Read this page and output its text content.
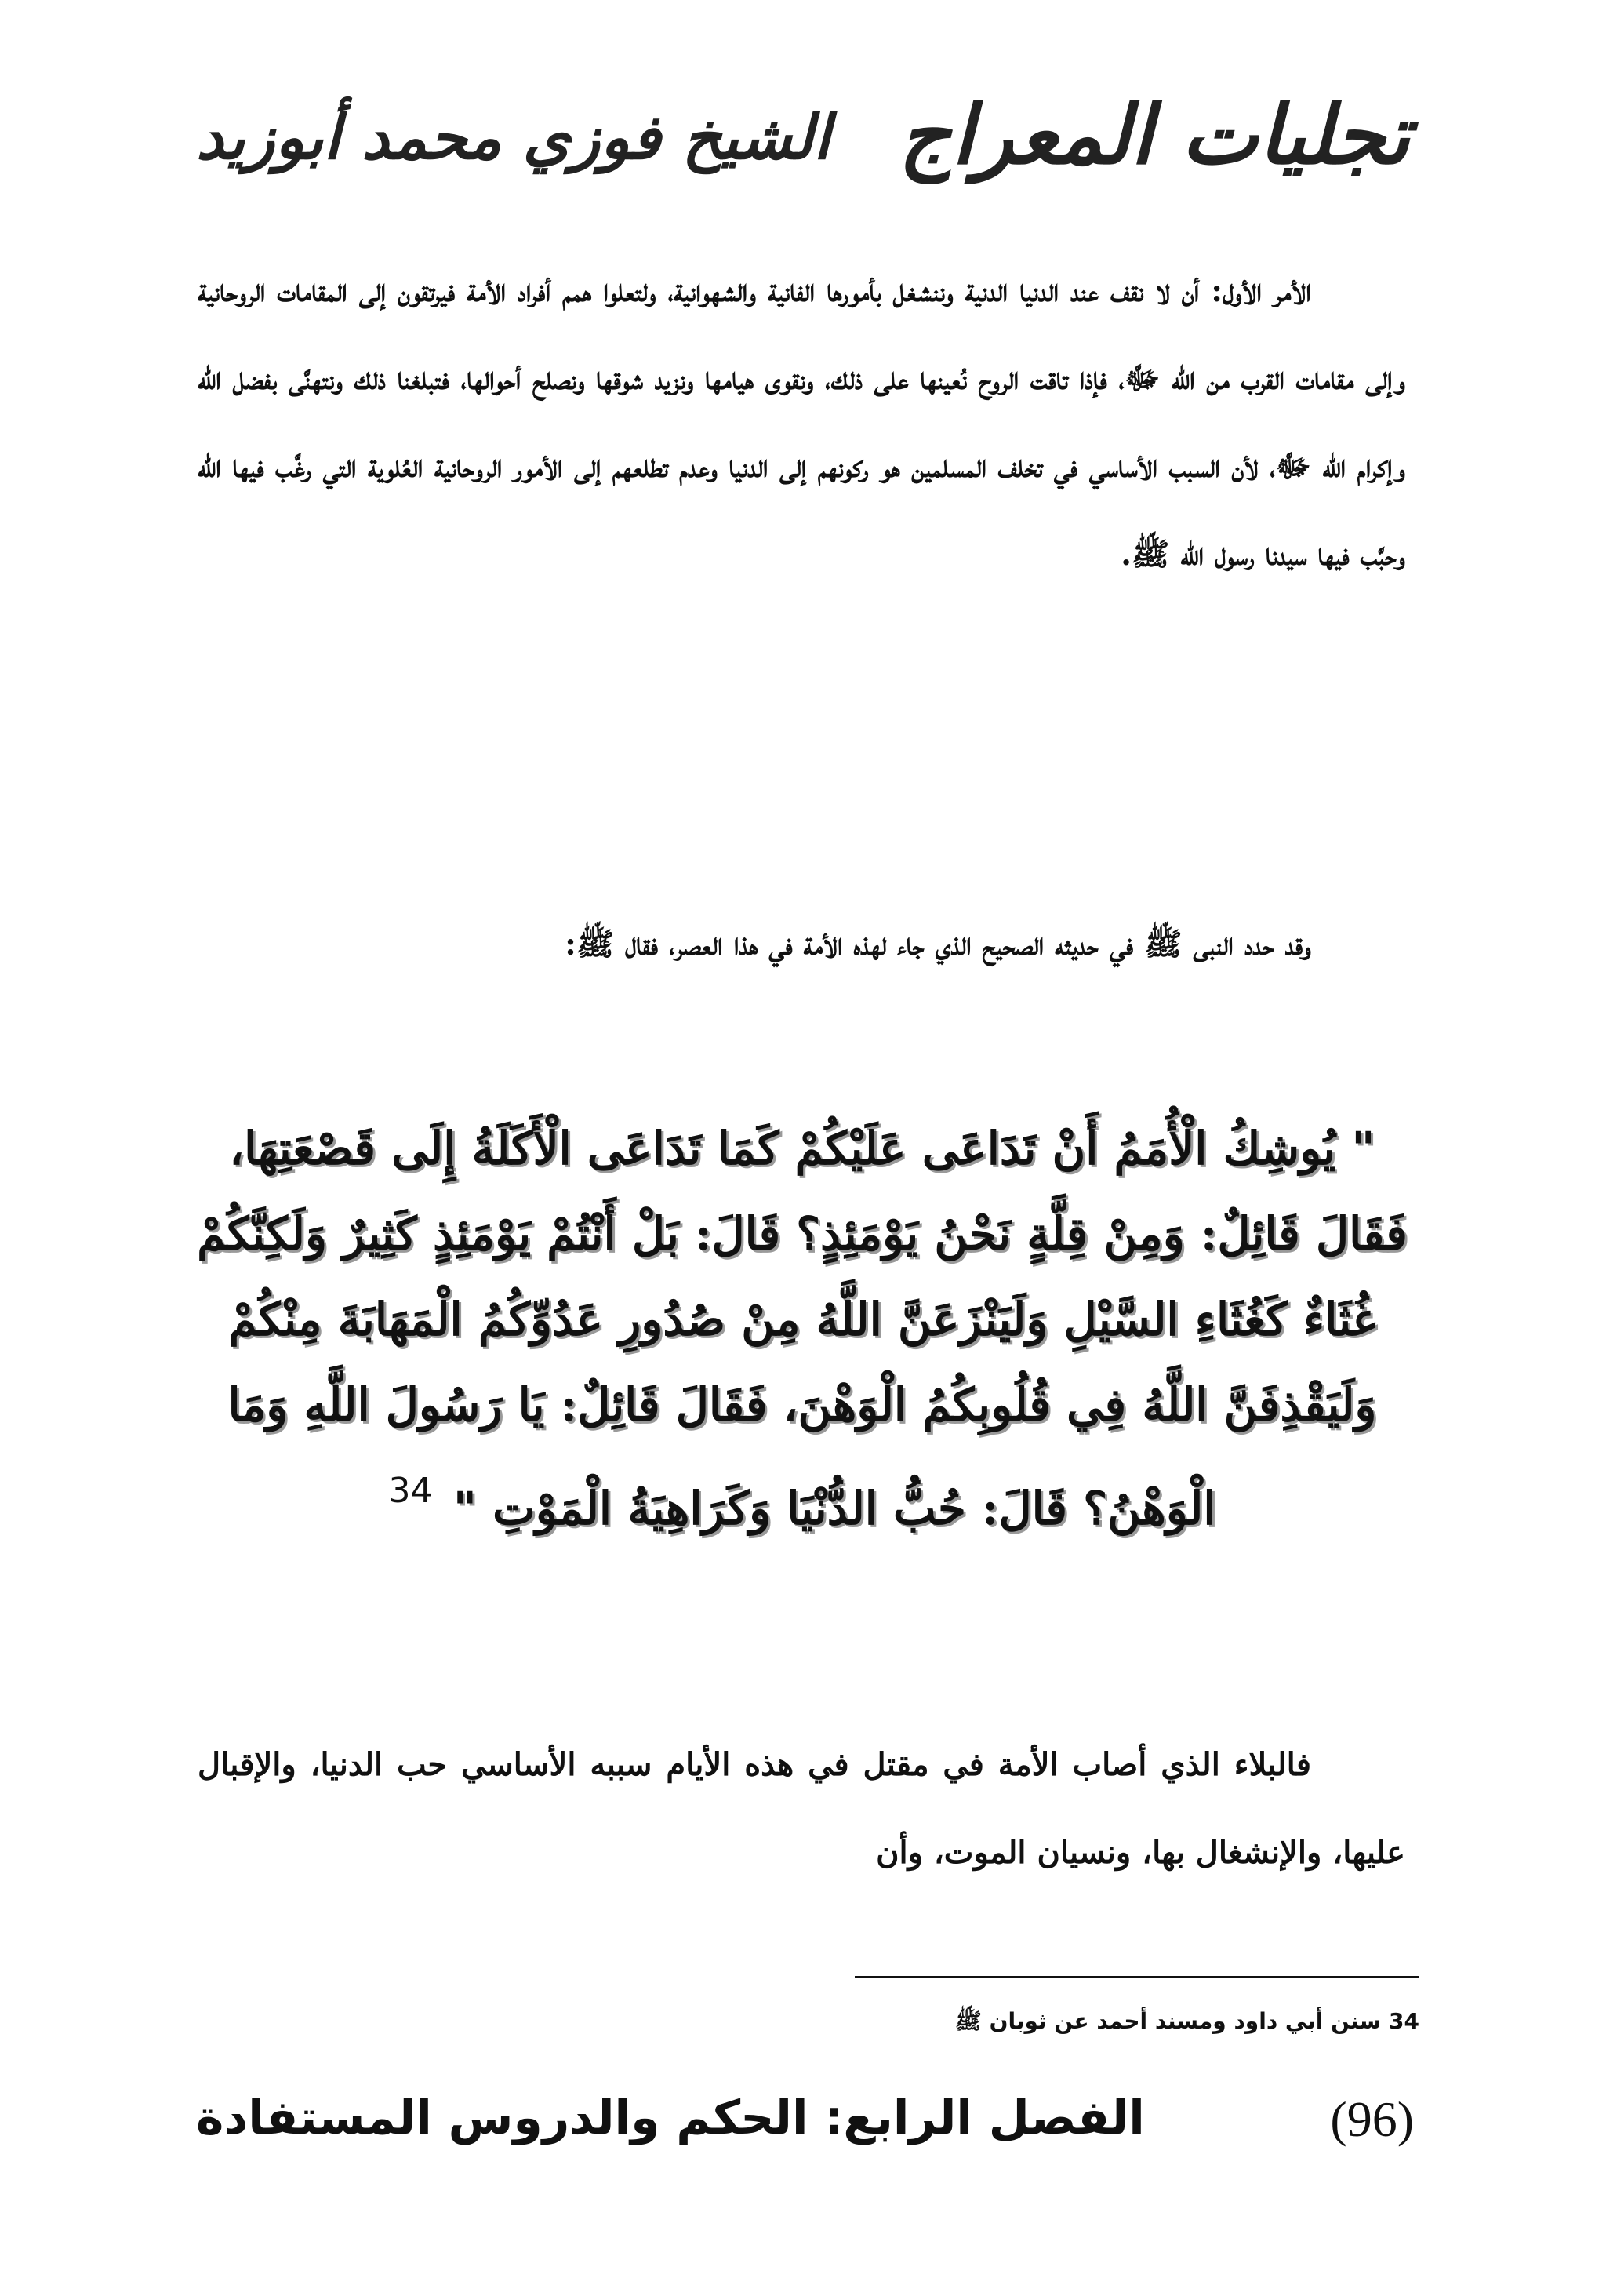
تجليات المعراج
الشيخ فوزي محمد أبوزيد

الأمر الأول: أن لا نقف عند الدنيا الدنية وننشغل بأمورها الفانية والشهوانية، ولتعلوا همم أفراد الأمة فيرتقون إلى المقامات الروحانية وإلى مقامات القرب من الله ﷻ، فإذا تاقت الروح نُعينها على ذلك، ونقوى هيامها ونزيد شوقها ونصلح أحوالها، فتبلغنا ذلك ونتهنَّى بفضل الله وإكرام الله ﷻ، لأن السبب الأساسي في تخلف المسلمين هو ركونهم إلى الدنيا وعدم تطلعهم إلى الأمور الروحانية العُلوية التي رغَّب فيها الله وحبَّب فيها سيدنا رسول الله ﷺ.

وقد حدد النبى ﷺ في حديثه الصحيح الذي جاء لهذه الأمة في هذا العصر، فقال ﷺ:

" يُوشِكُ الْأُمَمُ أَنْ تَدَاعَى عَلَيْكُمْ كَمَا تَدَاعَى الْأَكَلَةُ إِلَى قَصْعَتِهَا، فَقَالَ قَائِلٌ: وَمِنْ قِلَّةٍ نَحْنُ يَوْمَئِذٍ؟ قَالَ: بَلْ أَنْتُمْ يَوْمَئِذٍ كَثِيرٌ وَلَكِنَّكُمْ غُثَاءٌ كَغُثَاءِ السَّيْلِ وَلَيَنْزَعَنَّ اللَّهُ مِنْ صُدُورِ عَدُوِّكُمُ الْمَهَابَةَ مِنْكُمْ وَلَيَقْذِفَنَّ اللَّهُ فِي قُلُوبِكُمُ الْوَهْنَ، فَقَالَ قَائِلٌ: يَا رَسُولَ اللَّهِ وَمَا الْوَهْنُ؟ قَالَ: حُبُّ الدُّنْيَا وَكَرَاهِيَةُ الْمَوْتِ " $^{34}$

فالبلاء الذي أصاب الأمة في مقتل في هذه الأيام سببه الأساسي حب الدنيا، والإقبال عليها، والإنشغال بها، ونسيان الموت، وأن

34 سنن أبي داود ومسند أحمد عن ثوبان ﷺ
الفصل الرابع: الحكم والدروس المستفادة	(96)
